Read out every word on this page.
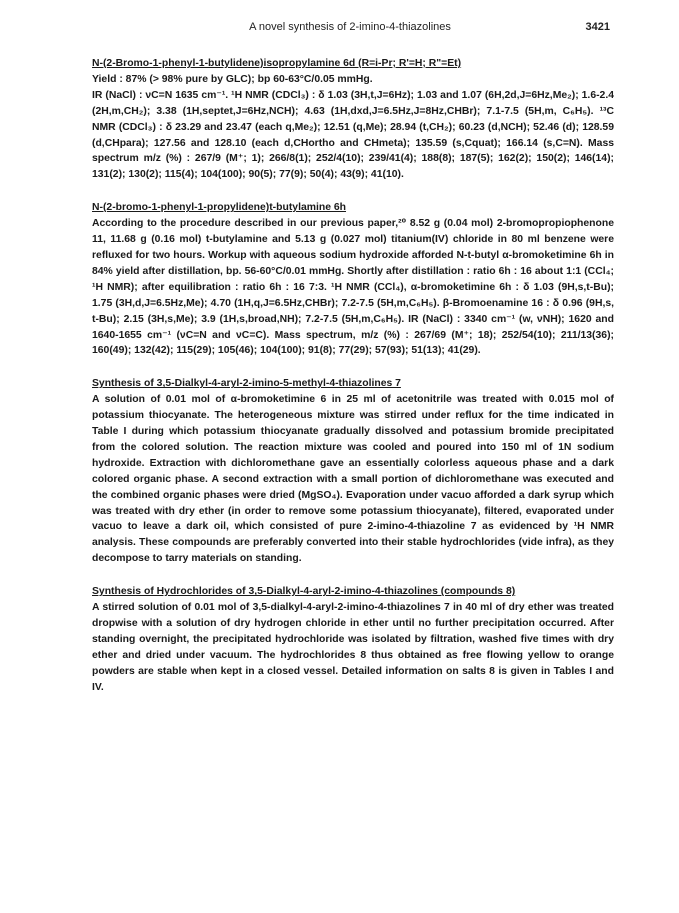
A novel synthesis of 2-imino-4-thiazolines	3421

N-(2-Bromo-1-phenyl-1-butylidene)isopropylamine 6d (R=i-Pr; R'=H; R"=Et)

Yield : 87% (> 98% pure by GLC); bp 60-63°C/0.05 mmHg.

IR (NaCl) : νC=N 1635 cm⁻¹. ¹H NMR (CDCl₃) : δ 1.03 (3H,t,J=6Hz); 1.03 and 1.07 (6H,2d,J=6Hz,Me₂); 1.6-2.4 (2H,m,CH₂); 3.38 (1H,septet,J=6Hz,NCH); 4.63 (1H,dxd,J=6.5Hz,J=8Hz,CHBr); 7.1-7.5 (5H,m, C₆H₅). ¹³C NMR (CDCl₃) : δ 23.29 and 23.47 (each q,Me₂); 12.51 (q,Me); 28.94 (t,CH₂); 60.23 (d,NCH); 52.46 (d); 128.59 (d,CHpara); 127.56 and 128.10 (each d,CHortho and CHmeta); 135.59 (s,Cquat); 166.14 (s,C=N). Mass spectrum m/z (%) : 267/9 (M⁺; 1); 266/8(1); 252/4(10); 239/41(4); 188(8); 187(5); 162(2); 150(2); 146(14); 131(2); 130(2); 115(4); 104(100); 90(5); 77(9); 50(4); 43(9); 41(10).

N-(2-bromo-1-phenyl-1-propylidene)t-butylamine 6h

According to the procedure described in our previous paper,²⁰ 8.52 g (0.04 mol) 2-bromopropiophenone 11, 11.68 g (0.16 mol) t-butylamine and 5.13 g (0.027 mol) titanium(IV) chloride in 80 ml benzene were refluxed for two hours. Workup with aqueous sodium hydroxide afforded N-t-butyl α-bromoketimine 6h in 84% yield after distillation, bp. 56-60°C/0.01 mmHg. Shortly after distillation : ratio 6h : 16 about 1:1 (CCl₄; ¹H NMR); after equilibration : ratio 6h : 16 7:3. ¹H NMR (CCl₄), α-bromoketimine 6h : δ 1.03 (9H,s,t-Bu); 1.75 (3H,d,J=6.5Hz,Me); 4.70 (1H,q,J=6.5Hz,CHBr); 7.2-7.5 (5H,m,C₆H₅). β-Bromoenamine 16 : δ 0.96 (9H,s, t-Bu); 2.15 (3H,s,Me); 3.9 (1H,s,broad,NH); 7.2-7.5 (5H,m,C₆H₅). IR (NaCl) : 3340 cm⁻¹ (w, νNH); 1620 and 1640-1655 cm⁻¹ (νC=N and νC=C). Mass spectrum, m/z (%) : 267/69 (M⁺; 18); 252/54(10); 211/13(36); 160(49); 132(42); 115(29); 105(46); 104(100); 91(8); 77(29); 57(93); 51(13); 41(29).

Synthesis of 3,5-Dialkyl-4-aryl-2-imino-5-methyl-4-thiazolines 7

A solution of 0.01 mol of α-bromoketimine 6 in 25 ml of acetonitrile was treated with 0.015 mol of potassium thiocyanate. The heterogeneous mixture was stirred under reflux for the time indicated in Table I during which potassium thiocyanate gradually dissolved and potassium bromide precipitated from the colored solution. The reaction mixture was cooled and poured into 150 ml of 1N sodium hydroxide. Extraction with dichloromethane gave an essentially colorless aqueous phase and a dark colored organic phase. A second extraction with a small portion of dichloromethane was executed and the combined organic phases were dried (MgSO₄). Evaporation under vacuo afforded a dark syrup which was treated with dry ether (in order to remove some potassium thiocyanate), filtered, evaporated under vacuo to leave a dark oil, which consisted of pure 2-imino-4-thiazoline 7 as evidenced by ¹H NMR analysis. These compounds are preferably converted into their stable hydrochlorides (vide infra), as they decompose to tarry materials on standing.

Synthesis of Hydrochlorides of 3,5-Dialkyl-4-aryl-2-imino-4-thiazolines (compounds 8)

A stirred solution of 0.01 mol of 3,5-dialkyl-4-aryl-2-imino-4-thiazolines 7 in 40 ml of dry ether was treated dropwise with a solution of dry hydrogen chloride in ether until no further precipitation occurred. After standing overnight, the precipitated hydrochloride was isolated by filtration, washed five times with dry ether and dried under vacuum. The hydrochlorides 8 thus obtained as free flowing yellow to orange powders are stable when kept in a closed vessel. Detailed information on salts 8 is given in Tables I and IV.
